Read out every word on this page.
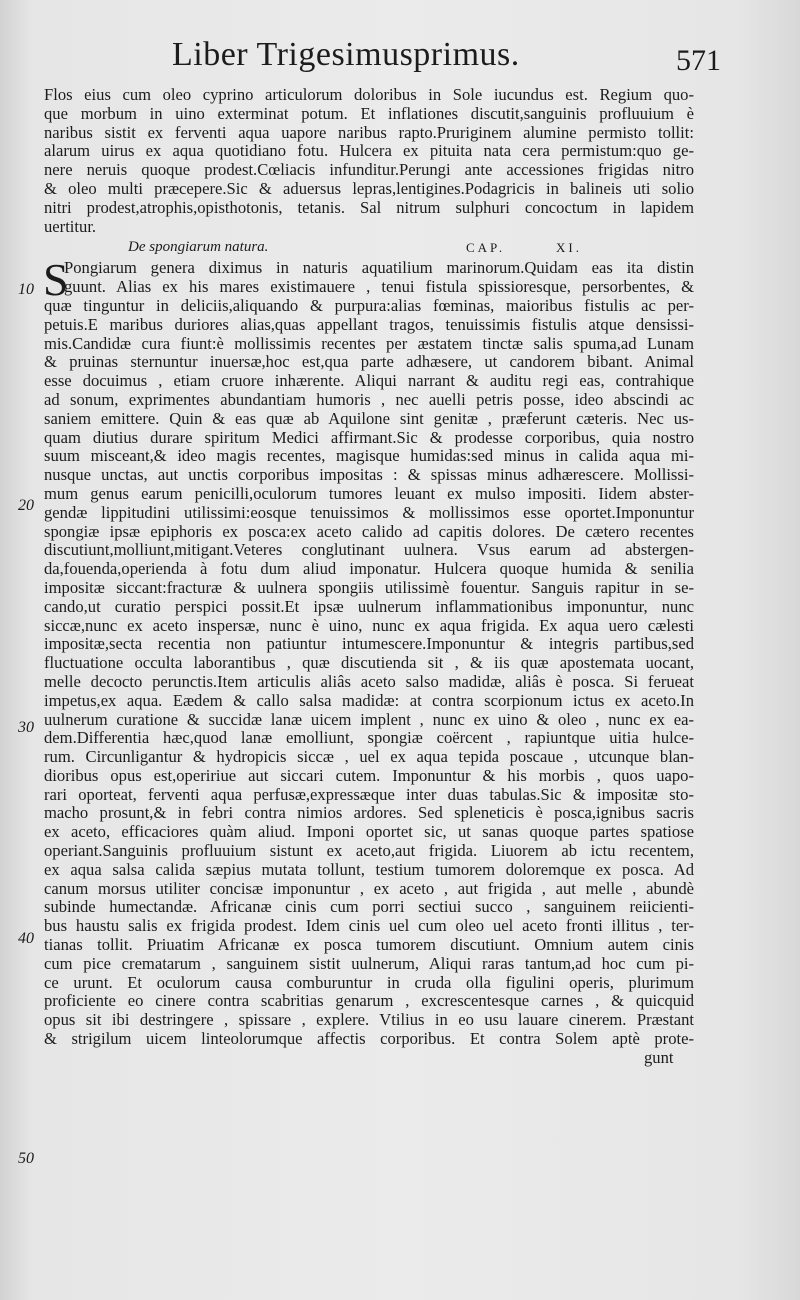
Liber Trigesimusprimus.	571
10
20
30
40
50
Flos eius cum oleo cyprino articulorum doloribus in Sole iucundus est. Regium quo-
que morbum in uino exterminat potum. Et inflationes discutit,sanguinis profluuium è
naribus sistit ex ferventi aqua uapore naribus rapto.Pruriginem alumine permisto tollit:
alarum uirus ex aqua quotidiano fotu. Hulcera ex pituita nata cera permistum:quo ge-
nere neruis quoque prodest.Cœliacis infunditur.Perungi ante accessiones frigidas nitro
& oleo multi præcepere.Sic & aduersus lepras,lentigines.Podagricis in balineis uti solio
nitri prodest,atrophis,opisthotonis, tetanis. Sal nitrum sulphuri concoctum in lapidem
uertitur.
De spongiarum natura.	CAP.	XI.
S
Pongiarum genera diximus in naturis aquatilium marinorum.Quidam eas ita distin
guunt. Alias ex his mares existimauere , tenui fistula spissioresque, persorbentes, &
quæ tinguntur in deliciis,aliquando & purpura:alias fœminas, maioribus fistulis ac per-
petuis.E maribus duriores alias,quas appellant tragos, tenuissimis fistulis atque densissi-
mis.Candidæ cura fiunt:è mollissimis recentes per æstatem tinctæ salis spuma,ad Lunam
& pruinas sternuntur inuersæ,hoc est,qua parte adhæsere, ut candorem bibant. Animal
esse docuimus , etiam cruore inhærente. Aliqui narrant & auditu regi eas, contrahique
ad sonum, exprimentes abundantiam humoris , nec auelli petris posse, ideo abscindi ac
saniem emittere. Quin & eas quæ ab Aquilone sint genitæ , præferunt cæteris. Nec us-
quam diutius durare spiritum Medici affirmant.Sic & prodesse corporibus, quia nostro
suum miscеant,& ideo magis recentes, magisque humidas:sed minus in calida aqua mi-
nusque unctas, aut unctis corporibus impositas : & spissas minus adhærescere. Mollissi-
mum genus earum penicilli,oculorum tumores leuant ex mulso impositi. Iidem abster-
gendæ lippitudini utilissimi:eosque tenuissimos & mollissimos esse oportet.Imponuntur
spongiæ ipsæ epiphoris ex posca:ex aceto calido ad capitis dolores. De cætero recentes
discutiunt,molliunt,mitigant.Veteres conglutinant uulnera. Vsus earum ad abstergen-
da,fouenda,operienda à fotu dum aliud imponatur. Hulcera quoque humida & senilia
impositæ siccant:fracturæ & uulnera spongiis utilissimè fouentur. Sanguis rapitur in se-
cando,ut curatio perspici possit.Et ipsæ uulnerum inflammationibus imponuntur, nunc
siccæ,nunc ex aceto inspersæ, nunc è uino, nunc ex aqua frigida. Ex aqua uero cælesti
impositæ,secta recentia non patiuntur intumescere.Imponuntur & integris partibus,sed
fluctuatione occulta laborantibus , quæ discutienda sit , & iis quæ apostemata uocant,
melle decocto perunctis.Item articulis aliâs aceto salso madidæ, aliâs è posca. Si ferueat
impetus,ex aqua. Eædem & callo salsa madidæ: at contra scorpionum ictus ex aceto.In
uulnerum curatione & succidæ lanæ uicem implent , nunc ex uino & oleo , nunc ex ea-
dem.Differentia hæc,quod lanæ emolliunt, spongiæ coërcent , rapiuntque uitia hulce-
rum. Circunligantur & hydropicis siccæ , uel ex aqua tepida poscaue , utcunque blan-
dioribus opus est,opeririue aut siccari cutem. Imponuntur & his morbis , quos uapo-
rari oporteat, ferventi aqua perfusæ,expressæque inter duas tabulas.Sic & impositæ sto-
macho prosunt,& in febri contra nimios ardores. Sed spleneticis è posca,ignibus sacris
ex aceto, efficaciores quàm aliud. Imponi oportet sic, ut sanas quoque partes spatiose
operiant.Sanguinis profluuium sistunt ex aceto,aut frigida. Liuorem ab ictu recentem,
ex aqua salsa calida sæpius mutata tollunt, testium tumorem doloremque ex posca. Ad
canum morsus utiliter concisæ imponuntur , ex aceto , aut frigida , aut melle , abundè
subinde humectandæ. Africanæ cinis cum porri sectiui succo , sanguinem reiicienti-
bus haustu salis ex frigida prodest. Idem cinis uel cum oleo uel aceto fronti illitus , ter-
tianas tollit. Priuatim Africanæ ex posca tumorem discutiunt. Omnium autem cinis
cum pice crematarum , sanguinem sistit uulnerum, Aliqui raras tantum,ad hoc cum pi-
ce urunt. Et oculorum causa comburuntur in cruda olla figulini operis, plurimum
proficiente eo cinere contra scabritias genarum , excrescentesque carnes , & quicquid
opus sit ibi destringere , spissare , explere. Vtilius in eo usu lauare cinerem. Præstant
& strigilum uicem linteolorumque affectis corporibus. Et contra Solem aptè prote-
gunt
